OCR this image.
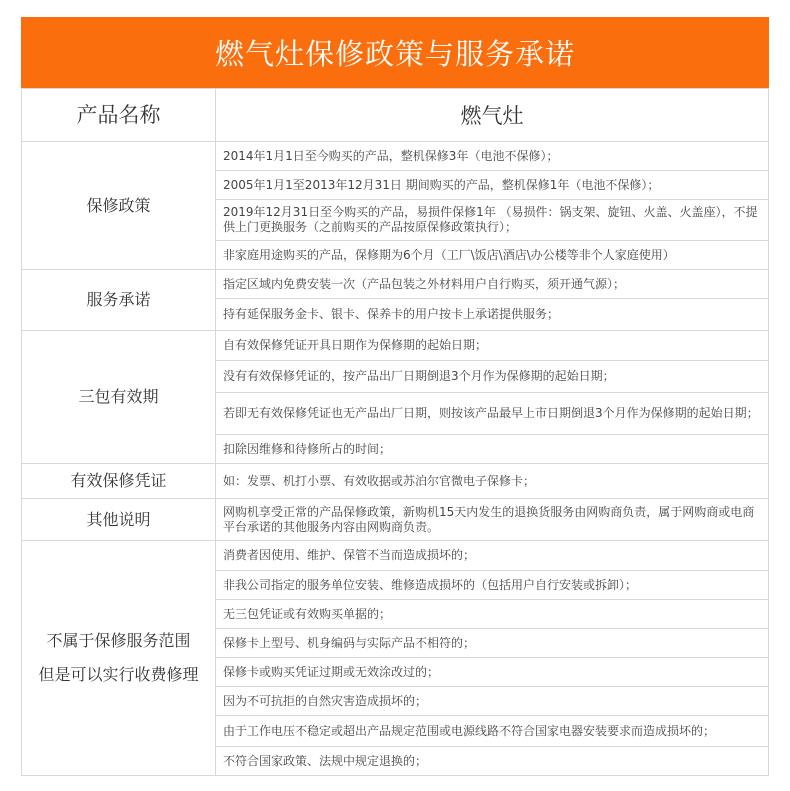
燃气灶保修政策与服务承诺
产品名称	燃气灶
保修政策	2014年1月1日至今购买的产品，整机保修3年（电池不保修）；
	2005年1月1至2013年12月31日 期间购买的产品，整机保修1年（电池不保修）；
	2019年12月31日至今购买的产品，易损件保修1年 （易损件：锅支架、旋钮、火盖、火盖座），不提供上门更换服务（之前购买的产品按原保修政策执行）；
	非家庭用途购买的产品，保修期为6个月（工厂\饭店\酒店\办公楼等非个人家庭使用）
服务承诺	指定区域内免费安装一次（产品包装之外材料用户自行购买，须开通气源）；
	持有延保服务金卡、银卡、保养卡的用户按卡上承诺提供服务；
三包有效期	自有效保修凭证开具日期作为保修期的起始日期；
	没有有效保修凭证的，按产品出厂日期倒退3个月作为保修期的起始日期；
	若即无有效保修凭证也无产品出厂日期，则按该产品最早上市日期倒退3个月作为保修期的起始日期；
	扣除因维修和待修所占的时间；
有效保修凭证	如：发票、机打小票、有效收据或苏泊尔官微电子保修卡；
其他说明	网购机享受正常的产品保修政策，新购机15天内发生的退换货服务由网购商负责，属于网购商或电商平台承诺的其他服务内容由网购商负责。

不属于保修服务范围
但是可以实行收费修理	消费者因使用、维护、保管不当而造成损坏的；
	非我公司指定的服务单位安装、维修造成损坏的（包括用户自行安装或拆卸）；
	无三包凭证或有效购买单据的；
	保修卡上型号、机身编码与实际产品不相符的；
	保修卡或购买凭证过期或无效涂改过的；
	因为不可抗拒的自然灾害造成损坏的；
	由于工作电压不稳定或超出产品规定范围或电源线路不符合国家电器安装要求而造成损坏的；
	不符合国家政策、法规中规定退换的；
